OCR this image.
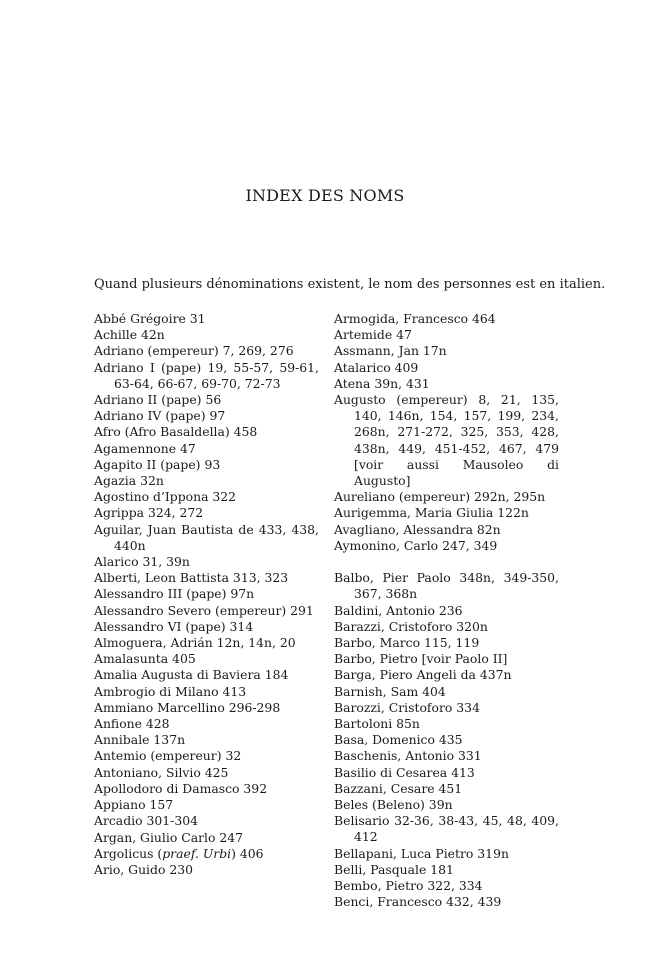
INDEX DES NOMS
Quand plusieurs dénominations existent, le nom des personnes est en italien.
Abbé Grégoire 31
Achille 42n
Adriano (empereur) 7, 269, 276
Adriano I (pape) 19, 55-57, 59-61, 63-64, 66-67, 69-70, 72-73
Adriano II (pape) 56
Adriano IV (pape) 97
Afro (Afro Basaldella) 458
Agamennone 47
Agapito II (pape) 93
Agazia 32n
Agostino d’Ippona 322
Agrippa 324, 272
Aguilar, Juan Bautista de 433, 438, 440n
Alarico 31, 39n
Alberti, Leon Battista 313, 323
Alessandro III (pape) 97n
Alessandro Severo (empereur) 291
Alessandro VI (pape) 314
Almoguera, Adrián 12n, 14n, 20
Amalasunta 405
Amalia Augusta di Baviera 184
Ambrogio di Milano 413
Ammiano Marcellino 296-298
Anfione 428
Annibale 137n
Antemio (empereur) 32
Antoniano, Silvio 425
Apollodoro di Damasco 392
Appiano 157
Arcadio 301-304
Argan, Giulio Carlo 247
Argolicus (praef. Urbi) 406
Ario, Guido 230
Armogida, Francesco 464
Artemide 47
Assmann, Jan 17n
Atalarico 409
Atena 39n, 431
Augusto (empereur) 8, 21, 135, 140, 146n, 154, 157, 199, 234, 268n, 271-272, 325, 353, 428, 438n, 449, 451-452, 467, 479 [voir aussi Mausoleo di Augusto]
Aureliano (empereur) 292n, 295n
Aurigemma, Maria Giulia 122n
Avagliano, Alessandra 82n
Aymonino, Carlo 247, 349
Balbo, Pier Paolo 348n, 349-350, 367, 368n
Baldini, Antonio 236
Barazzi, Cristoforo 320n
Barbo, Marco 115, 119
Barbo, Pietro [voir Paolo II]
Barga, Piero Angeli da 437n
Barnish, Sam 404
Barozzi, Cristoforo 334
Bartoloni 85n
Basa, Domenico 435
Baschenis, Antonio 331
Basilio di Cesarea 413
Bazzani, Cesare 451
Beles (Beleno) 39n
Belisario 32-36, 38-43, 45, 48, 409, 412
Bellapani, Luca Pietro 319n
Belli, Pasquale 181
Bembo, Pietro 322, 334
Benci, Francesco 432, 439
